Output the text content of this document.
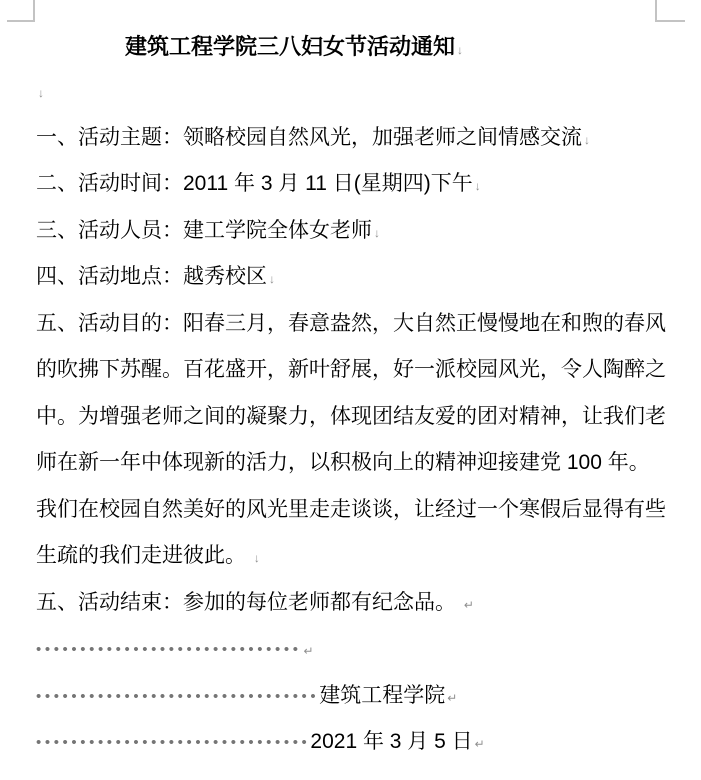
建筑工程学院三八妇女节活动通知 ↓
↓
一、活动主题：领略校园自然风光，加强老师之间情感交流 ↓
二、活动时间：2011 年 3 月 11 日(星期四)下午 ↓
三、活动人员：建工学院全体女老师 ↓
四、活动地点：越秀校区 ↓
五、活动目的：阳春三月，春意盎然，大自然正慢慢地在和煦的春风
的吹拂下苏醒。百花盛开，新叶舒展，好一派校园风光，令人陶醉之
中。为增强老师之间的凝聚力，体现团结友爱的团对精神，让我们老
师在新一年中体现新的活力，以积极向上的精神迎接建党 100 年。
我们在校园自然美好的风光里走走谈谈，让经过一个寒假后显得有些
生疏的我们走进彼此。 ↓
五、活动结束：参加的每位老师都有纪念品。 ↵
•••••••••••••••••••••••••••••• ↵
••••••••••••••••••••••••••••••••建筑工程学院 ↵
•••••••••••••••••••••••••••••••2021 年 3 月 5 日 ↵
